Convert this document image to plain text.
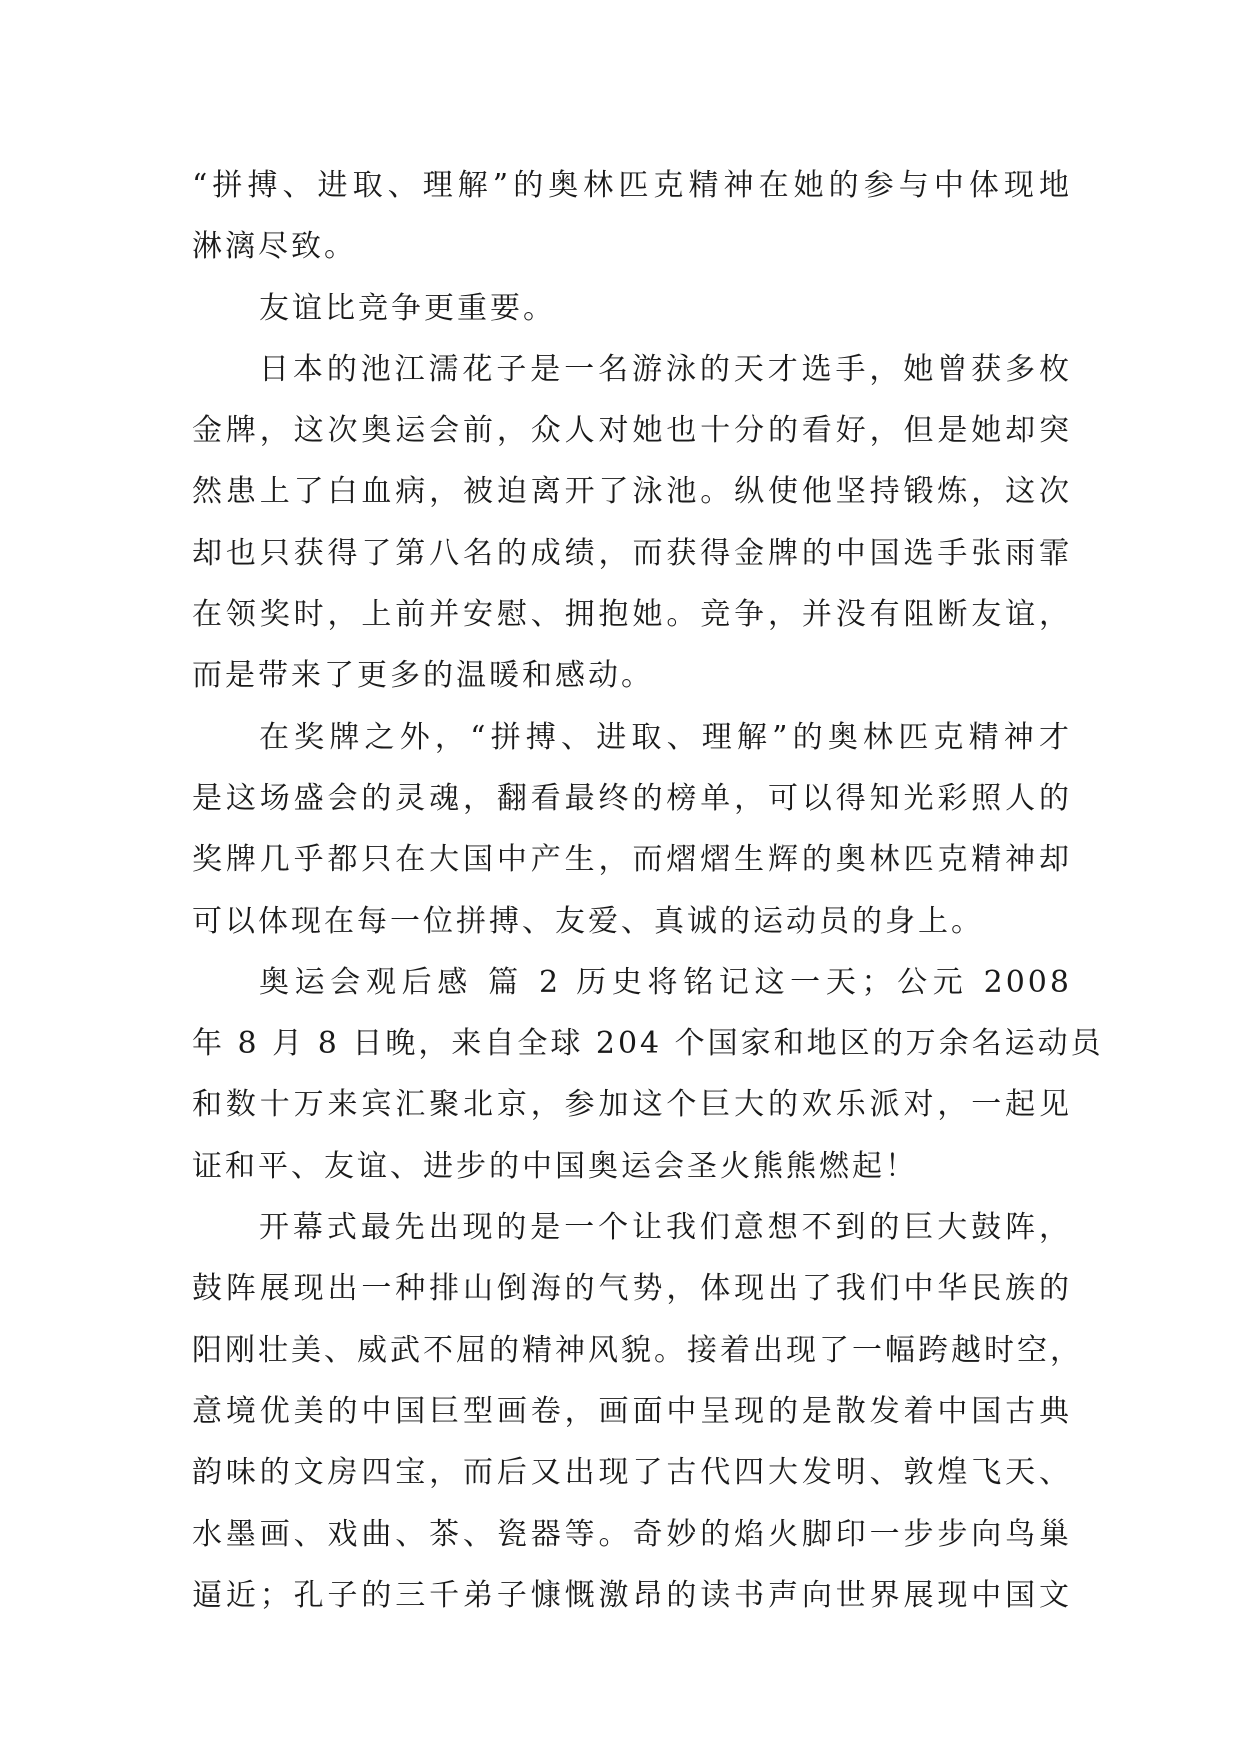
“拼搏、进取、理解”的奥林匹克精神在她的参与中体现地
淋漓尽致。
友谊比竞争更重要。
日本的池江濡花子是一名游泳的天才选手，她曾获多枚
金牌，这次奥运会前，众人对她也十分的看好，但是她却突
然患上了白血病，被迫离开了泳池。纵使他坚持锻炼，这次
却也只获得了第八名的成绩，而获得金牌的中国选手张雨霏
在领奖时，上前并安慰、拥抱她。竞争，并没有阻断友谊，
而是带来了更多的温暖和感动。
在奖牌之外，“拼搏、进取、理解”的奥林匹克精神才
是这场盛会的灵魂，翻看最终的榜单，可以得知光彩照人的
奖牌几乎都只在大国中产生，而熠熠生辉的奥林匹克精神却
可以体现在每一位拼搏、友爱、真诚的运动员的身上。
奥运会观后感 篇 2 历史将铭记这一天；公元 2008
年 8 月 8 日晚，来自全球 204 个国家和地区的万余名运动员
和数十万来宾汇聚北京，参加这个巨大的欢乐派对，一起见
证和平、友谊、进步的中国奥运会圣火熊熊燃起！
开幕式最先出现的是一个让我们意想不到的巨大鼓阵，
鼓阵展现出一种排山倒海的气势，体现出了我们中华民族的
阳刚壮美、威武不屈的精神风貌。接着出现了一幅跨越时空，
意境优美的中国巨型画卷，画面中呈现的是散发着中国古典
韵味的文房四宝，而后又出现了古代四大发明、敦煌飞天、
水墨画、戏曲、茶、瓷器等。奇妙的焰火脚印一步步向鸟巢
逼近；孔子的三千弟子慷慨激昂的读书声向世界展现中国文
